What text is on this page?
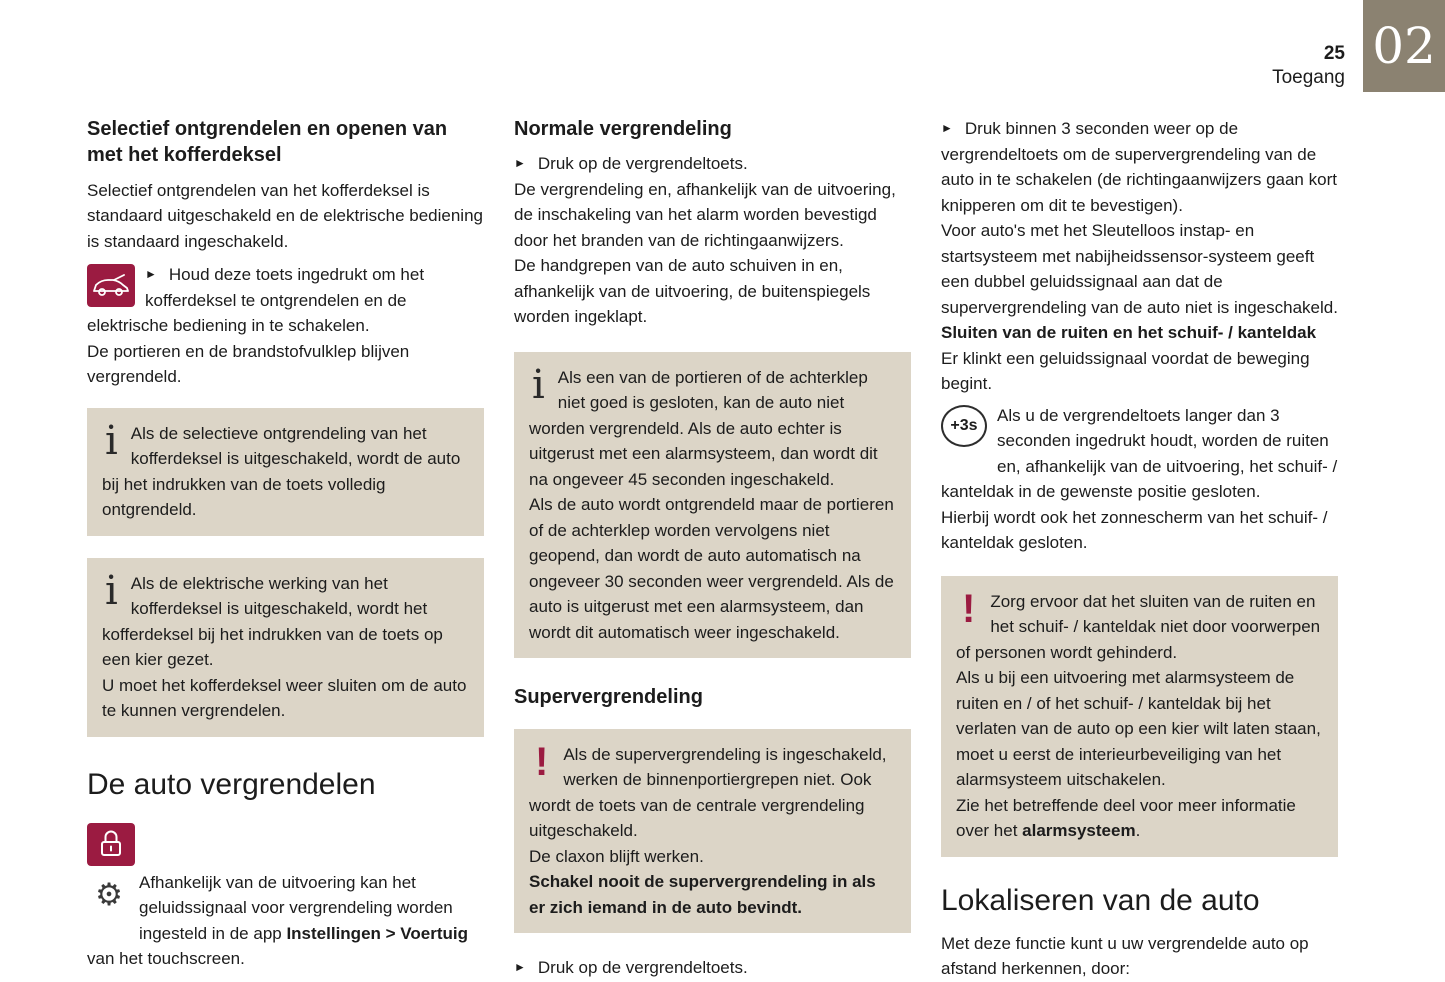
02
25
Toegang
Selectief ontgrendelen en openen van met het kofferdeksel

Selectief ontgrendelen van het kofferdeksel is standaard uitgeschakeld en de elektrische bediening is standaard ingeschakeld.

► Houd deze toets ingedrukt om het kofferdeksel te ontgrendelen en de elektrische bediening in te schakelen.

De portieren en de brandstofvulklep blijven vergrendeld.

i Als de selectieve ontgrendeling van het kofferdeksel is uitgeschakeld, wordt de auto bij het indrukken van de toets volledig ontgrendeld.

i Als de elektrische werking van het kofferdeksel is uitgeschakeld, wordt het kofferdeksel bij het indrukken van de toets op een kier gezet.

U moet het kofferdeksel weer sluiten om de auto te kunnen vergrendelen.

De auto vergrendelen
⚙ Afhankelijk van de uitvoering kan het geluidssignaal voor vergrendeling worden ingesteld in de app Instellingen > Voertuig van het touchscreen.

Normale vergrendeling

► Druk op de vergrendeltoets.

De vergrendeling en, afhankelijk van de uitvoering, de inschakeling van het alarm worden bevestigd door het branden van de richtingaanwijzers.

De handgrepen van de auto schuiven in en, afhankelijk van de uitvoering, de buitenspiegels worden ingeklapt.

i Als een van de portieren of de achterklep niet goed is gesloten, kan de auto niet worden vergrendeld. Als de auto echter is uitgerust met een alarmsysteem, dan wordt dit na ongeveer 45 seconden ingeschakeld.

Als de auto wordt ontgrendeld maar de portieren of de achterklep worden vervolgens niet geopend, dan wordt de auto automatisch na ongeveer 30 seconden weer vergrendeld. Als de auto is uitgerust met een alarmsysteem, dan wordt dit automatisch weer ingeschakeld.

Supervergrendeling
! Als de supervergrendeling is ingeschakeld, werken de binnenportiergrepen niet. Ook wordt de toets van de centrale vergrendeling uitgeschakeld.

De claxon blijft werken.

Schakel nooit de supervergrendeling in als er zich iemand in de auto bevindt.

► Druk op de vergrendeltoets.

► Druk binnen 3 seconden weer op de vergrendeltoets om de supervergrendeling van de auto in te schakelen (de richtingaanwijzers gaan kort knipperen om dit te bevestigen).

Voor auto's met het Sleutelloos instap- en startsysteem met nabijheidssensor-systeem geeft een dubbel geluidssignaal aan dat de supervergrendeling van de auto niet is ingeschakeld.

Sluiten van de ruiten en het schuif- / kanteldak

Er klinkt een geluidssignaal voordat de beweging begint.

+3s

Als u de vergrendeltoets langer dan 3 seconden ingedrukt houdt, worden de ruiten en, afhankelijk van de uitvoering, het schuif- / kanteldak in de gewenste positie gesloten.

Hierbij wordt ook het zonnescherm van het schuif- / kanteldak gesloten.

! Zorg ervoor dat het sluiten van de ruiten en het schuif- / kanteldak niet door voorwerpen of personen wordt gehinderd.

Als u bij een uitvoering met alarmsysteem de ruiten en / of het schuif- / kanteldak bij het verlaten van de auto op een kier wilt laten staan, moet u eerst de interieurbeveiliging van het alarmsysteem uitschakelen.

Zie het betreffende deel voor meer informatie over het alarmsysteem.

Lokaliseren van de auto

Met deze functie kunt u uw vergrendelde auto op afstand herkennen, door:
